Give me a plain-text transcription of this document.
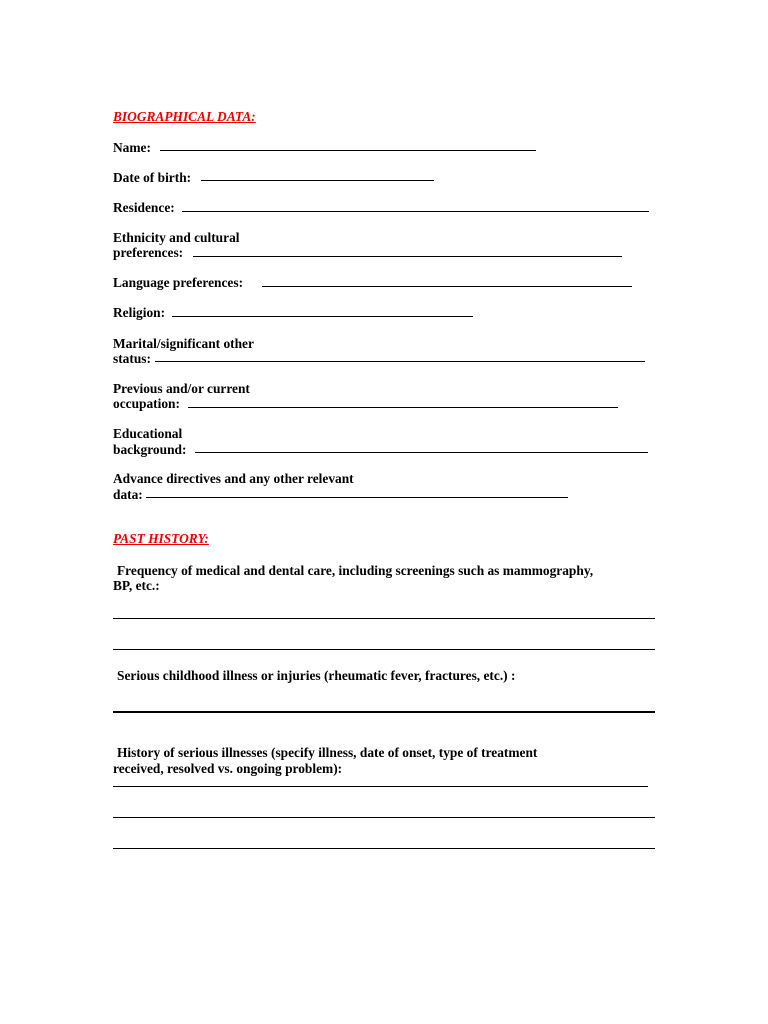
BIOGRAPHICAL DATA:
Name:
Date of birth:
Residence:
Ethnicity and cultural
preferences:
Language preferences:
Religion:
Marital/significant other
status:
Previous and/or current
occupation:
Educational
background:
Advance directives and any other relevant
data:
PAST HISTORY:
Frequency of medical and dental care, including screenings such as mammography,
BP, etc.:
Serious childhood illness or injuries (rheumatic fever, fractures, etc.) :
History of serious illnesses (specify illness, date of onset, type of treatment
received, resolved vs. ongoing problem):
